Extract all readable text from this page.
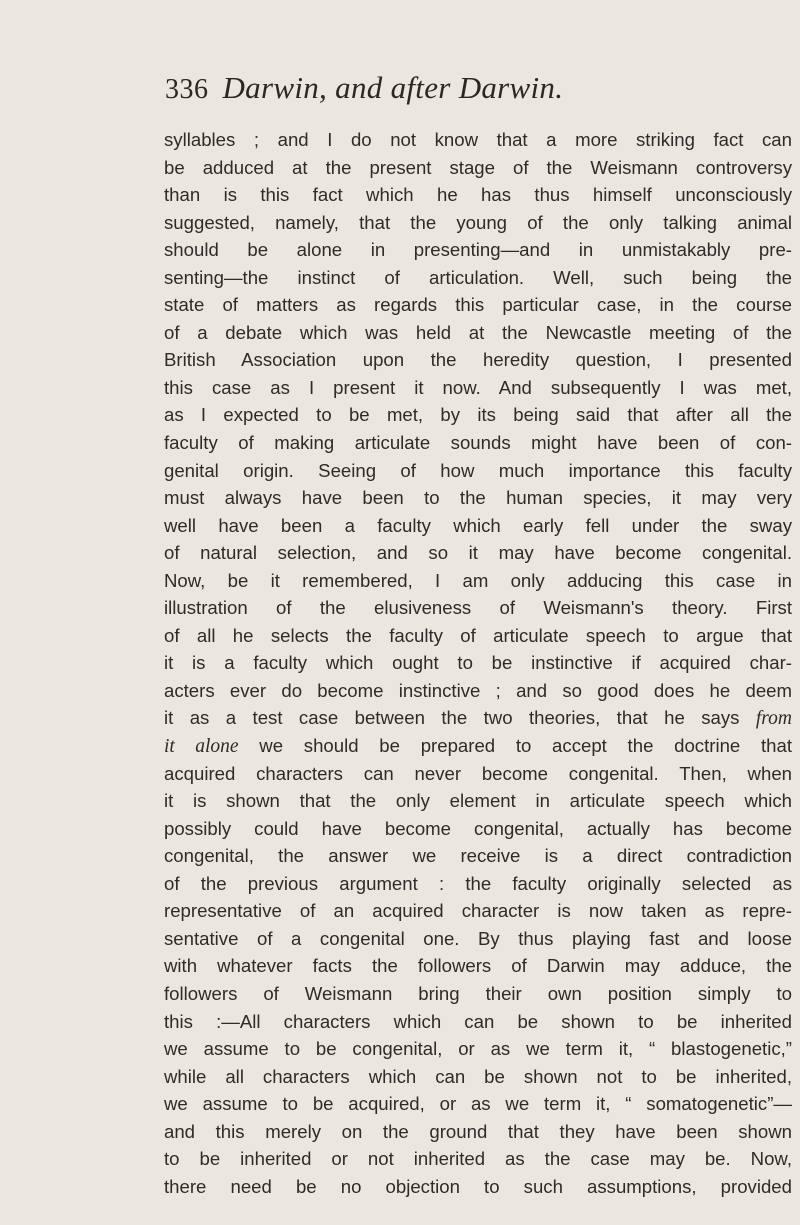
336 Darwin, and after Darwin.
syllables ; and I do not know that a more striking fact can
be adduced at the present stage of the Weismann controversy
than is this fact which he has thus himself unconsciously
suggested, namely, that the young of the only talking animal
should be alone in presenting—and in unmistakably pre-
senting—the instinct of articulation. Well, such being the
state of matters as regards this particular case, in the course
of a debate which was held at the Newcastle meeting of the
British Association upon the heredity question, I presented
this case as I present it now. And subsequently I was met,
as I expected to be met, by its being said that after all the
faculty of making articulate sounds might have been of con-
genital origin. Seeing of how much importance this faculty
must always have been to the human species, it may very
well have been a faculty which early fell under the sway
of natural selection, and so it may have become congenital.
Now, be it remembered, I am only adducing this case in
illustration of the elusiveness of Weismann's theory. First
of all he selects the faculty of articulate speech to argue that
it is a faculty which ought to be instinctive if acquired char-
acters ever do become instinctive ; and so good does he deem
it as a test case between the two theories, that he says from
it alone we should be prepared to accept the doctrine that
acquired characters can never become congenital. Then, when
it is shown that the only element in articulate speech which
possibly could have become congenital, actually has become
congenital, the answer we receive is a direct contradiction
of the previous argument : the faculty originally selected as
representative of an acquired character is now taken as repre-
sentative of a congenital one. By thus playing fast and loose
with whatever facts the followers of Darwin may adduce, the
followers of Weismann bring their own position simply to
this :—All characters which can be shown to be inherited
we assume to be congenital, or as we term it, “ blastogenetic,”
while all characters which can be shown not to be inherited,
we assume to be acquired, or as we term it, “ somatogenetic”—
and this merely on the ground that they have been shown
to be inherited or not inherited as the case may be. Now,
there need be no objection to such assumptions, provided
